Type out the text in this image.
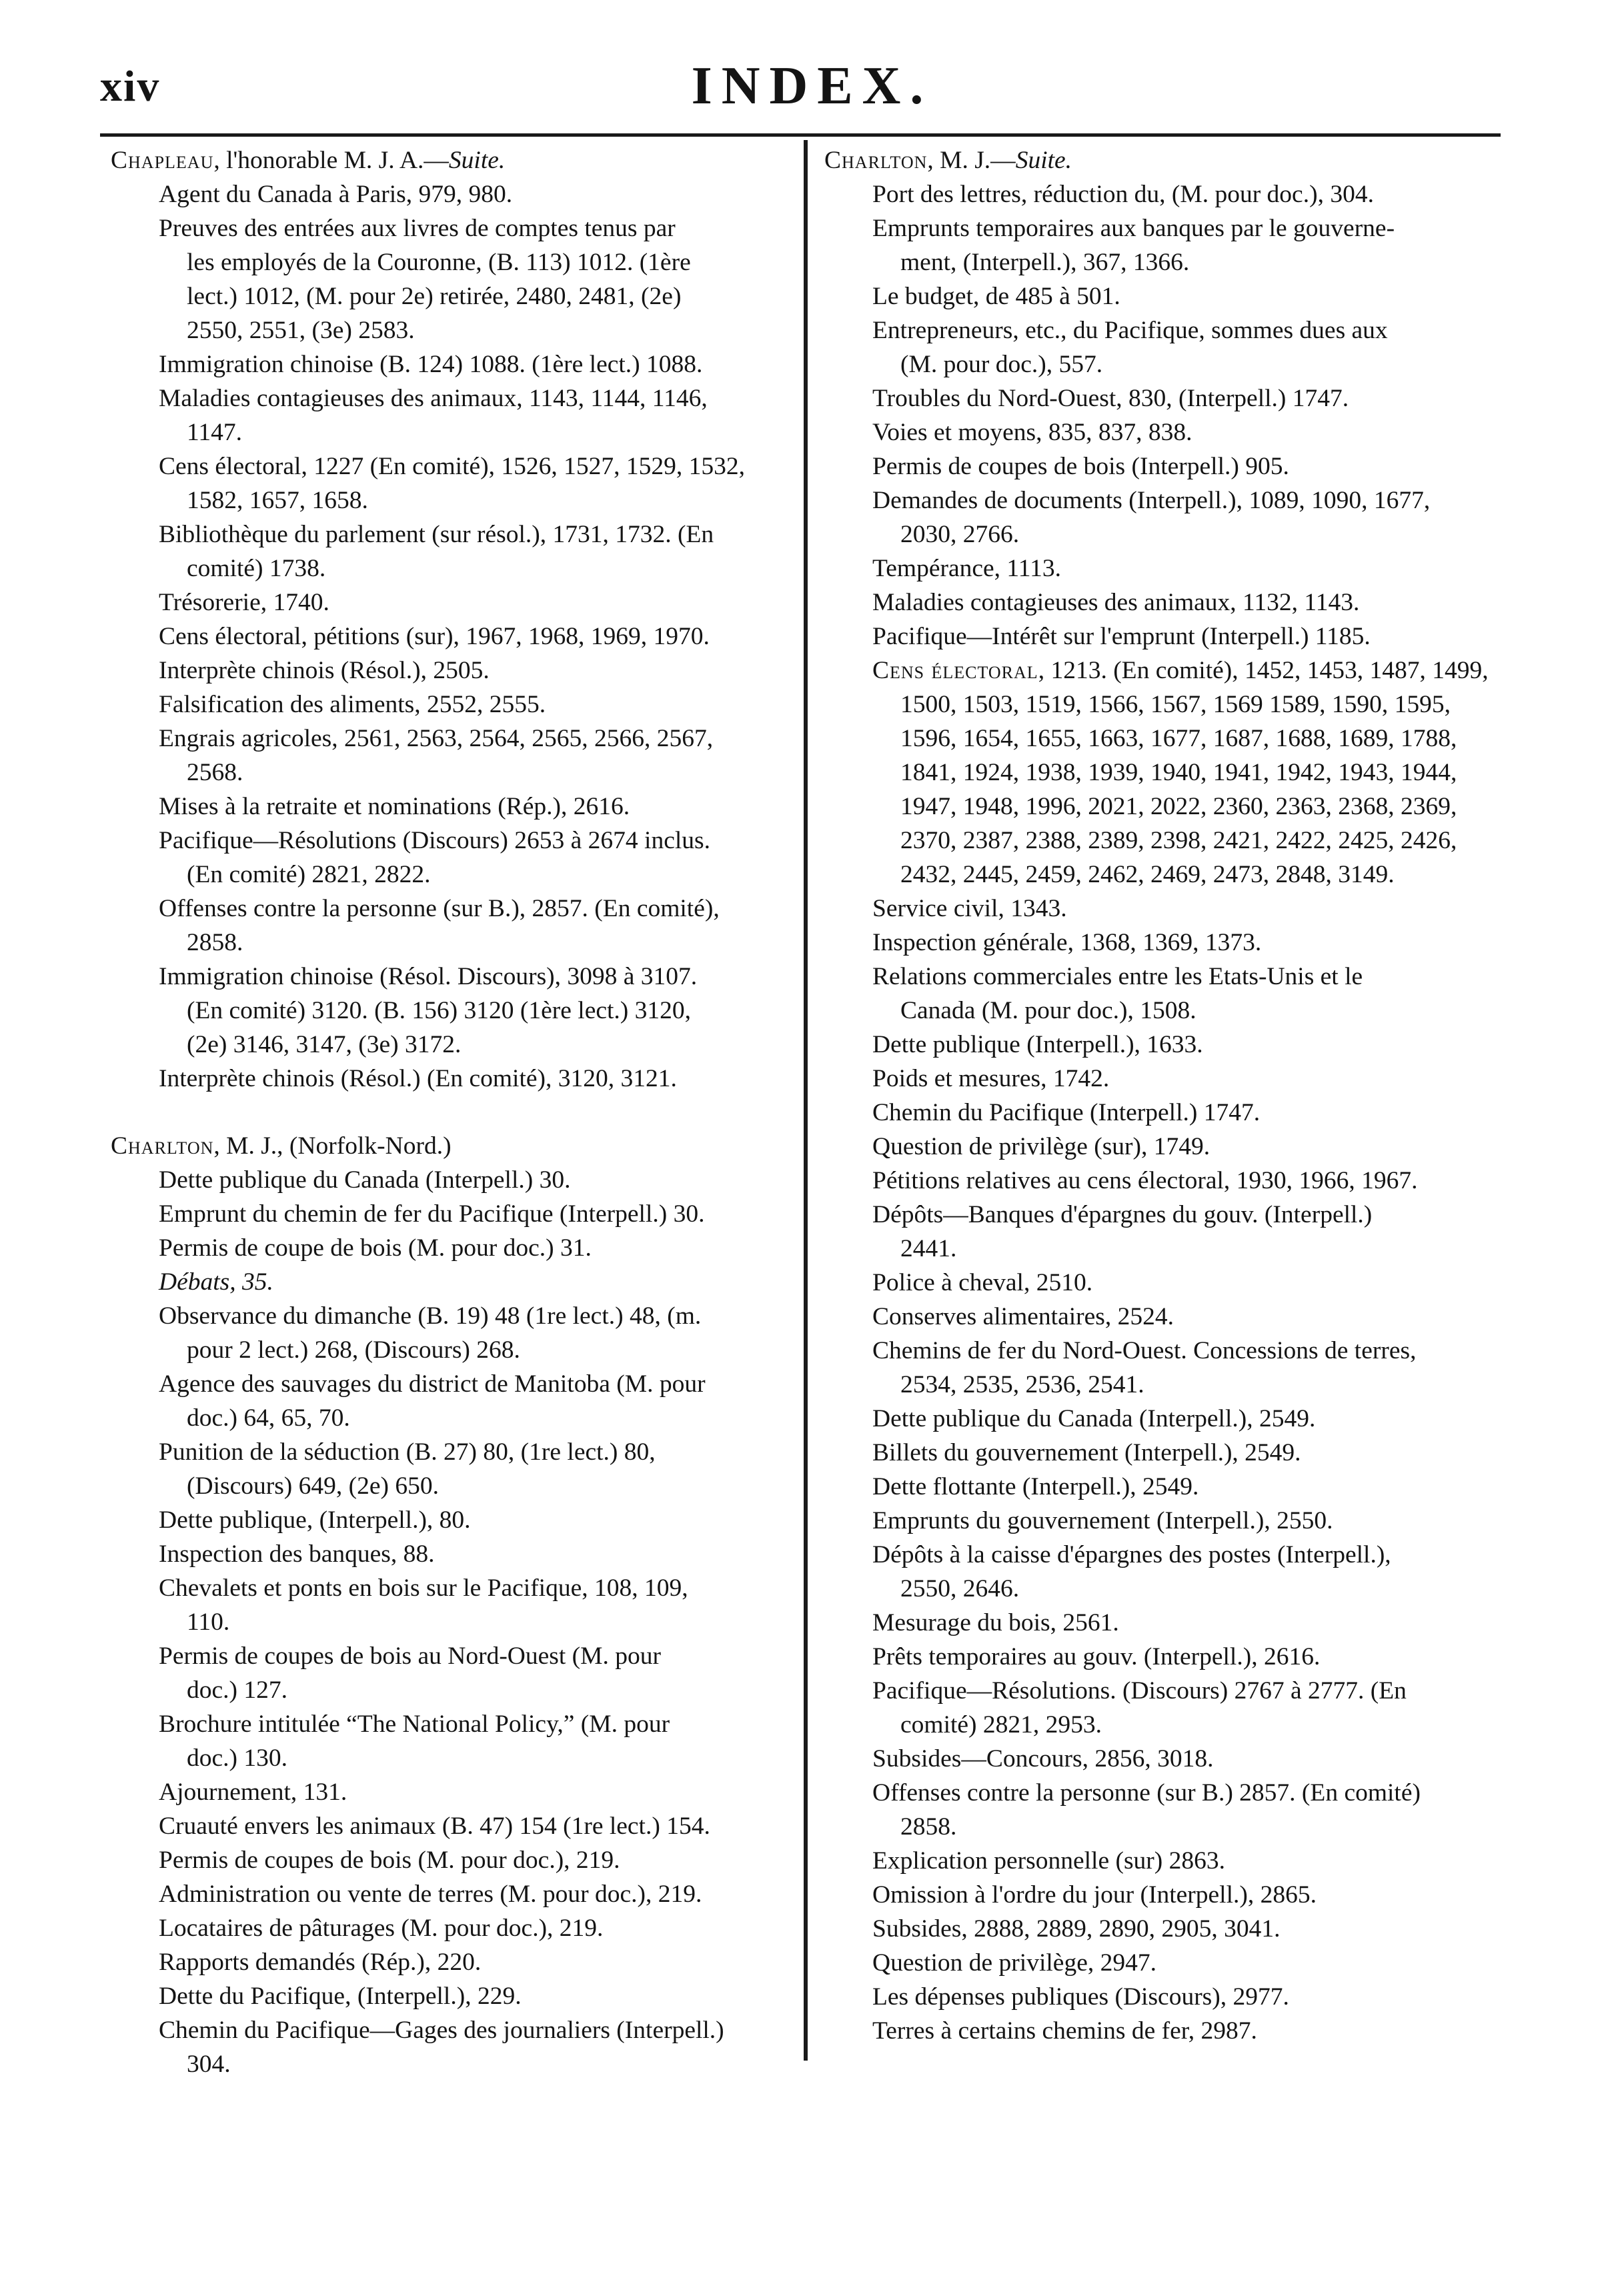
xiv	INDEX.
Chapleau, l'honorable M. J. A.—Suite.
Agent du Canada à Paris, 979, 980.
Preuves des entrées aux livres de comptes tenus par
les employés de la Couronne, (B. 113) 1012. (1ère
lect.) 1012, (M. pour 2e) retirée, 2480, 2481, (2e)
2550, 2551, (3e) 2583.
Immigration chinoise (B. 124) 1088. (1ère lect.) 1088.
Maladies contagieuses des animaux, 1143, 1144, 1146,
1147.
Cens électoral, 1227 (En comité), 1526, 1527, 1529, 1532,
1582, 1657, 1658.
Bibliothèque du parlement (sur résol.), 1731, 1732. (En
comité) 1738.
Trésorerie, 1740.
Cens électoral, pétitions (sur), 1967, 1968, 1969, 1970.
Interprète chinois (Résol.), 2505.
Falsification des aliments, 2552, 2555.
Engrais agricoles, 2561, 2563, 2564, 2565, 2566, 2567,
2568.
Mises à la retraite et nominations (Rép.), 2616.
Pacifique—Résolutions (Discours) 2653 à 2674 inclus.
(En comité) 2821, 2822.
Offenses contre la personne (sur B.), 2857. (En comité),
2858.
Immigration chinoise (Résol. Discours), 3098 à 3107.
(En comité) 3120. (B. 156) 3120 (1ère lect.) 3120,
(2e) 3146, 3147, (3e) 3172.
Interprète chinois (Résol.) (En comité), 3120, 3121.
Charlton, M. J., (Norfolk-Nord.)
Dette publique du Canada (Interpell.) 30.
Emprunt du chemin de fer du Pacifique (Interpell.) 30.
Permis de coupe de bois (M. pour doc.) 31.
Débats, 35.
Observance du dimanche (B. 19) 48 (1re lect.) 48, (m.
pour 2 lect.) 268, (Discours) 268.
Agence des sauvages du district de Manitoba (M. pour
doc.) 64, 65, 70.
Punition de la séduction (B. 27) 80, (1re lect.) 80,
(Discours) 649, (2e) 650.
Dette publique, (Interpell.), 80.
Inspection des banques, 88.
Chevalets et ponts en bois sur le Pacifique, 108, 109,
110.
Permis de coupes de bois au Nord-Ouest (M. pour
doc.) 127.
Brochure intitulée “The National Policy,” (M. pour
doc.) 130.
Ajournement, 131.
Cruauté envers les animaux (B. 47) 154 (1re lect.) 154.
Permis de coupes de bois (M. pour doc.), 219.
Administration ou vente de terres (M. pour doc.), 219.
Locataires de pâturages (M. pour doc.), 219.
Rapports demandés (Rép.), 220.
Dette du Pacifique, (Interpell.), 229.
Chemin du Pacifique—Gages des journaliers (Interpell.)
304.
Charlton, M. J.—Suite.
Port des lettres, réduction du, (M. pour doc.), 304.
Emprunts temporaires aux banques par le gouverne-
ment, (Interpell.), 367, 1366.
Le budget, de 485 à 501.
Entrepreneurs, etc., du Pacifique, sommes dues aux
(M. pour doc.), 557.
Troubles du Nord-Ouest, 830, (Interpell.) 1747.
Voies et moyens, 835, 837, 838.
Permis de coupes de bois (Interpell.) 905.
Demandes de documents (Interpell.), 1089, 1090, 1677,
2030, 2766.
Tempérance, 1113.
Maladies contagieuses des animaux, 1132, 1143.
Pacifique—Intérêt sur l'emprunt (Interpell.) 1185.
Cens électoral, 1213. (En comité), 1452, 1453, 1487, 1499,
1500, 1503, 1519, 1566, 1567, 1569 1589, 1590, 1595,
1596, 1654, 1655, 1663, 1677, 1687, 1688, 1689, 1788,
1841, 1924, 1938, 1939, 1940, 1941, 1942, 1943, 1944,
1947, 1948, 1996, 2021, 2022, 2360, 2363, 2368, 2369,
2370, 2387, 2388, 2389, 2398, 2421, 2422, 2425, 2426,
2432, 2445, 2459, 2462, 2469, 2473, 2848, 3149.
Service civil, 1343.
Inspection générale, 1368, 1369, 1373.
Relations commerciales entre les Etats-Unis et le
Canada (M. pour doc.), 1508.
Dette publique (Interpell.), 1633.
Poids et mesures, 1742.
Chemin du Pacifique (Interpell.) 1747.
Question de privilège (sur), 1749.
Pétitions relatives au cens électoral, 1930, 1966, 1967.
Dépôts—Banques d'épargnes du gouv. (Interpell.)
2441.
Police à cheval, 2510.
Conserves alimentaires, 2524.
Chemins de fer du Nord-Ouest. Concessions de terres,
2534, 2535, 2536, 2541.
Dette publique du Canada (Interpell.), 2549.
Billets du gouvernement (Interpell.), 2549.
Dette flottante (Interpell.), 2549.
Emprunts du gouvernement (Interpell.), 2550.
Dépôts à la caisse d'épargnes des postes (Interpell.),
2550, 2646.
Mesurage du bois, 2561.
Prêts temporaires au gouv. (Interpell.), 2616.
Pacifique—Résolutions. (Discours) 2767 à 2777. (En
comité) 2821, 2953.
Subsides—Concours, 2856, 3018.
Offenses contre la personne (sur B.) 2857. (En comité)
2858.
Explication personnelle (sur) 2863.
Omission à l'ordre du jour (Interpell.), 2865.
Subsides, 2888, 2889, 2890, 2905, 3041.
Question de privilège, 2947.
Les dépenses publiques (Discours), 2977.
Terres à certains chemins de fer, 2987.
